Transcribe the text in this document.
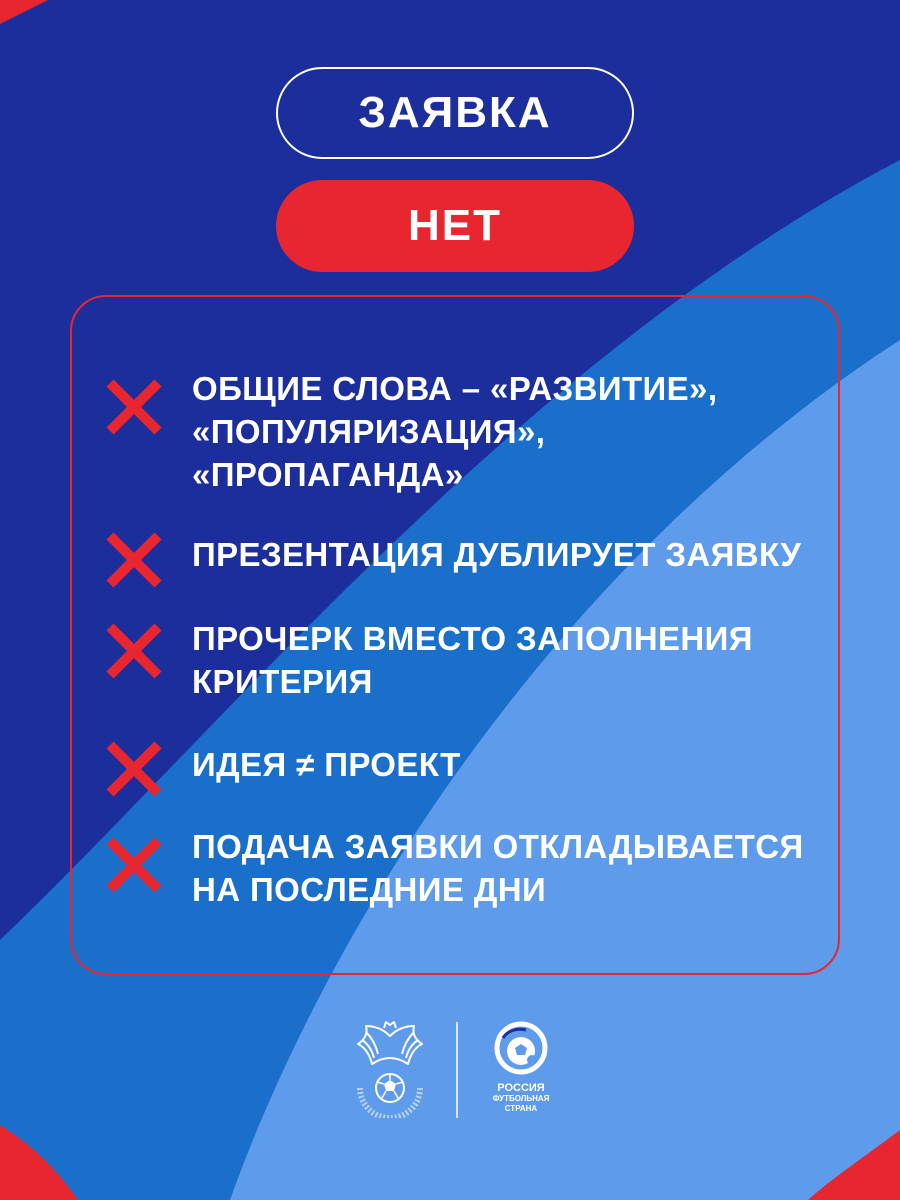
ЗАЯВКА
НЕТ
ОБЩИЕ СЛОВА – «РАЗВИТИЕ»,
«ПОПУЛЯРИЗАЦИЯ»,
«ПРОПАГАНДА»
ПРЕЗЕНТАЦИЯ ДУБЛИРУЕТ ЗАЯВКУ
ПРОЧЕРК ВМЕСТО ЗАПОЛНЕНИЯ
КРИТЕРИЯ
ИДЕЯ ≠ ПРОЕКТ
ПОДАЧА ЗАЯВКИ ОТКЛАДЫВАЕТСЯ
НА ПОСЛЕДНИЕ ДНИ
РОССИЯ
ФУТБОЛЬНАЯ
СТРАНА
